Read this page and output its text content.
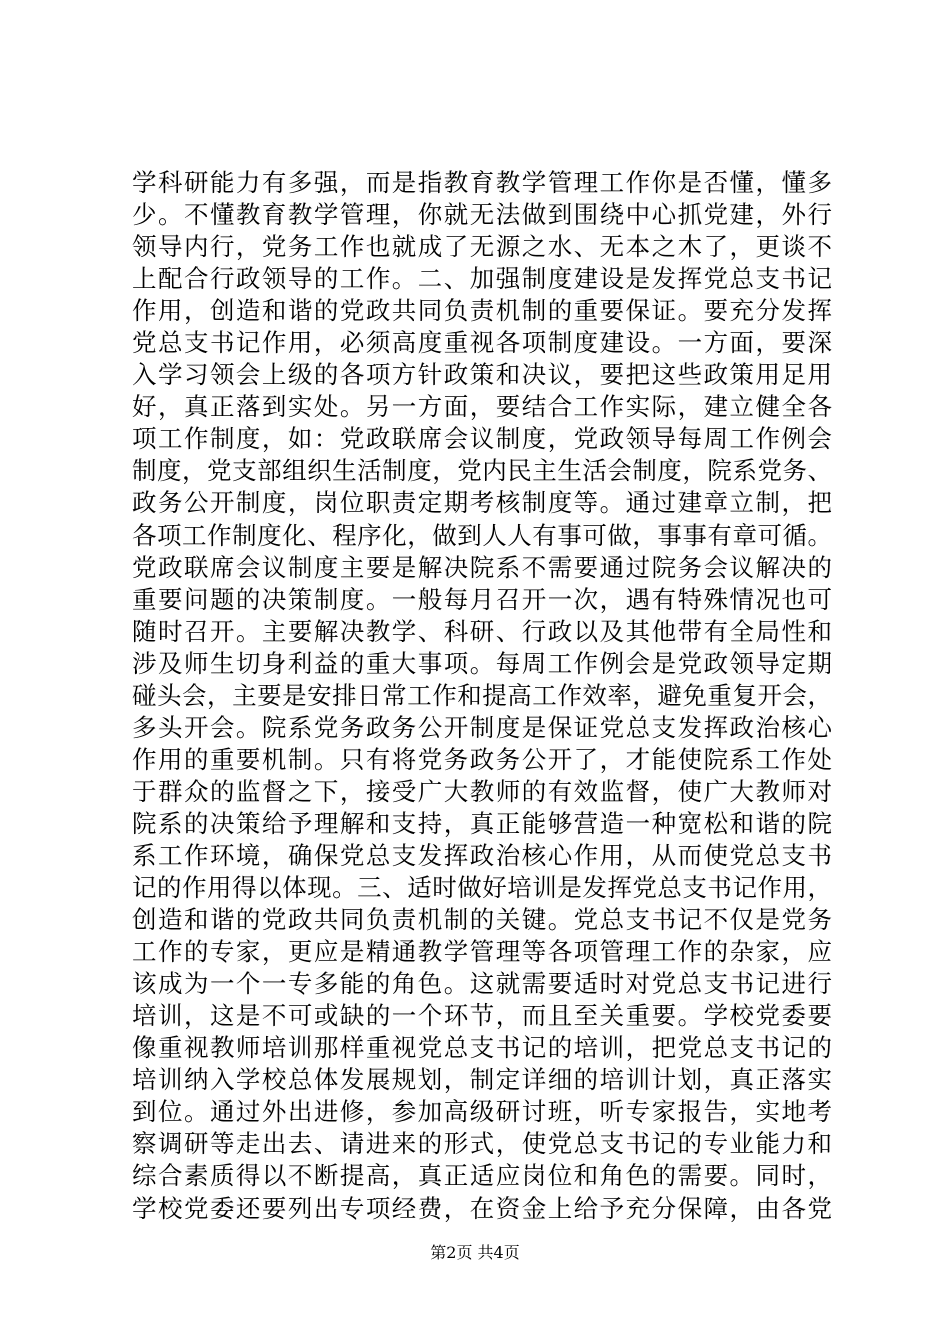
学科研能力有多强，而是指教育教学管理工作你是否懂，懂多
少。不懂教育教学管理，你就无法做到围绕中心抓党建，外行
领导内行，党务工作也就成了无源之水、无本之木了，更谈不
上配合行政领导的工作。二、加强制度建设是发挥党总支书记
作用，创造和谐的党政共同负责机制的重要保证。要充分发挥
党总支书记作用，必须高度重视各项制度建设。一方面，要深
入学习领会上级的各项方针政策和决议，要把这些政策用足用
好，真正落到实处。另一方面，要结合工作实际，建立健全各
项工作制度，如：党政联席会议制度，党政领导每周工作例会
制度，党支部组织生活制度，党内民主生活会制度，院系党务、
政务公开制度，岗位职责定期考核制度等。通过建章立制，把
各项工作制度化、程序化，做到人人有事可做，事事有章可循。
党政联席会议制度主要是解决院系不需要通过院务会议解决的
重要问题的决策制度。一般每月召开一次，遇有特殊情况也可
随时召开。主要解决教学、科研、行政以及其他带有全局性和
涉及师生切身利益的重大事项。每周工作例会是党政领导定期
碰头会，主要是安排日常工作和提高工作效率，避免重复开会，
多头开会。院系党务政务公开制度是保证党总支发挥政治核心
作用的重要机制。只有将党务政务公开了，才能使院系工作处
于群众的监督之下，接受广大教师的有效监督，使广大教师对
院系的决策给予理解和支持，真正能够营造一种宽松和谐的院
系工作环境，确保党总支发挥政治核心作用，从而使党总支书
记的作用得以体现。三、适时做好培训是发挥党总支书记作用，
创造和谐的党政共同负责机制的关键。党总支书记不仅是党务
工作的专家，更应是精通教学管理等各项管理工作的杂家，应
该成为一个一专多能的角色。这就需要适时对党总支书记进行
培训，这是不可或缺的一个环节，而且至关重要。学校党委要
像重视教师培训那样重视党总支书记的培训，把党总支书记的
培训纳入学校总体发展规划，制定详细的培训计划，真正落实
到位。通过外出进修，参加高级研讨班，听专家报告，实地考
察调研等走出去、请进来的形式，使党总支书记的专业能力和
综合素质得以不断提高，真正适应岗位和角色的需要。同时，
学校党委还要列出专项经费，在资金上给予充分保障，由各党
第2页 共4页
